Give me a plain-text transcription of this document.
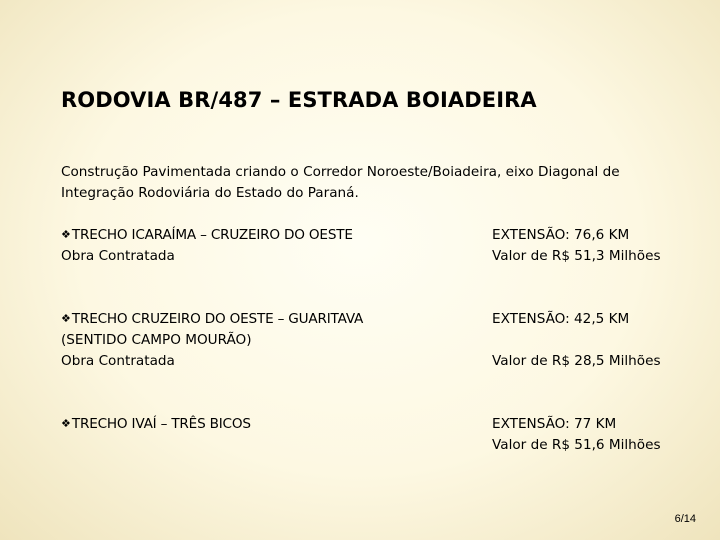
RODOVIA BR/487 – ESTRADA BOIADEIRA

Construção Pavimentada criando o Corredor Noroeste/Boiadeira, eixo Diagonal de
Integração Rodoviária do Estado do Paraná.

❖TRECHO ICARAÍMA – CRUZEIRO DO OESTE
Obra Contratada
EXTENSÃO: 76,6 KM
Valor de R$ 51,3 Milhões
❖TRECHO CRUZEIRO DO OESTE – GUARITAVA
(SENTIDO CAMPO MOURÃO)
Obra Contratada
EXTENSÃO: 42,5 KM
Valor de R$ 28,5 Milhões
❖TRECHO IVAÍ – TRÊS BICOS	EXTENSÃO: 77 KM
Valor de R$ 51,6 Milhões
6/14
